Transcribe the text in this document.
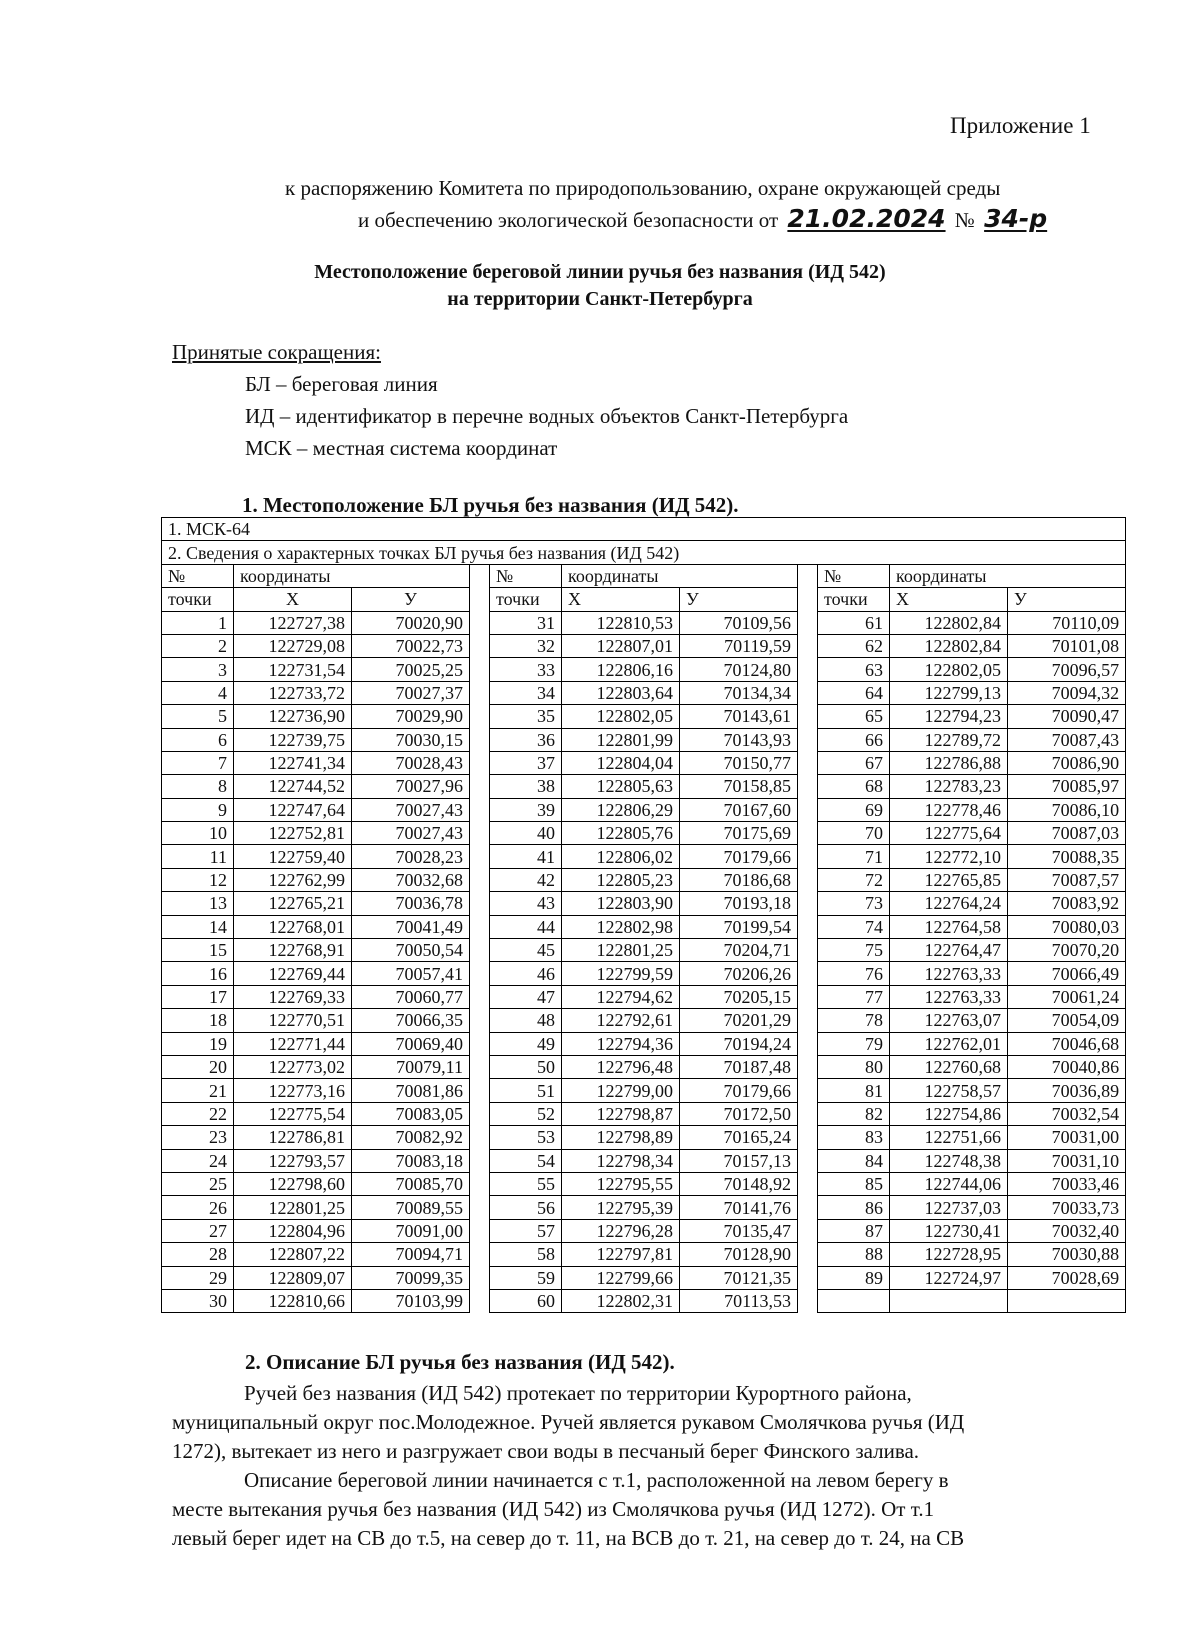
Приложение 1
к распоряжению Комитета по природопользованию, охране окружающей среды
и обеспечению экологической безопасности от 21.02.2024 № 34-р
Местоположение береговой линии ручья без названия (ИД 542)
на территории Санкт-Петербурга
Принятые сокращения:
БЛ – береговая линия
ИД – идентификатор в перечне водных объектов Санкт-Петербурга
МСК – местная система координат
1. Местоположение БЛ ручья без названия (ИД 542).
1. МСК-64										
2. Сведения о характерных точках БЛ ручья без названия (ИД 542)										
№	координаты			№	координаты			№	координаты	
точки	Х	У		точки	Х	У		точки	Х	У
1	122727,38	70020,90		31	122810,53	70109,56		61	122802,84	70110,09
2	122729,08	70022,73		32	122807,01	70119,59		62	122802,84	70101,08
3	122731,54	70025,25		33	122806,16	70124,80		63	122802,05	70096,57
4	122733,72	70027,37		34	122803,64	70134,34		64	122799,13	70094,32
5	122736,90	70029,90		35	122802,05	70143,61		65	122794,23	70090,47
6	122739,75	70030,15		36	122801,99	70143,93		66	122789,72	70087,43
7	122741,34	70028,43		37	122804,04	70150,77		67	122786,88	70086,90
8	122744,52	70027,96		38	122805,63	70158,85		68	122783,23	70085,97
9	122747,64	70027,43		39	122806,29	70167,60		69	122778,46	70086,10
10	122752,81	70027,43		40	122805,76	70175,69		70	122775,64	70087,03
11	122759,40	70028,23		41	122806,02	70179,66		71	122772,10	70088,35
12	122762,99	70032,68		42	122805,23	70186,68		72	122765,85	70087,57
13	122765,21	70036,78		43	122803,90	70193,18		73	122764,24	70083,92
14	122768,01	70041,49		44	122802,98	70199,54		74	122764,58	70080,03
15	122768,91	70050,54		45	122801,25	70204,71		75	122764,47	70070,20
16	122769,44	70057,41		46	122799,59	70206,26		76	122763,33	70066,49
17	122769,33	70060,77		47	122794,62	70205,15		77	122763,33	70061,24
18	122770,51	70066,35		48	122792,61	70201,29		78	122763,07	70054,09
19	122771,44	70069,40		49	122794,36	70194,24		79	122762,01	70046,68
20	122773,02	70079,11		50	122796,48	70187,48		80	122760,68	70040,86
21	122773,16	70081,86		51	122799,00	70179,66		81	122758,57	70036,89
22	122775,54	70083,05		52	122798,87	70172,50		82	122754,86	70032,54
23	122786,81	70082,92		53	122798,89	70165,24		83	122751,66	70031,00
24	122793,57	70083,18		54	122798,34	70157,13		84	122748,38	70031,10
25	122798,60	70085,70		55	122795,55	70148,92		85	122744,06	70033,46
26	122801,25	70089,55		56	122795,39	70141,76		86	122737,03	70033,73
27	122804,96	70091,00		57	122796,28	70135,47		87	122730,41	70032,40
28	122807,22	70094,71		58	122797,81	70128,90		88	122728,95	70030,88
29	122809,07	70099,35		59	122799,66	70121,35		89	122724,97	70028,69
30	122810,66	70103,99		60	122802,31	70113,53				
2. Описание БЛ ручья без названия (ИД 542).
Ручей без названия (ИД 542) протекает по территории Курортного района,
муниципальный округ пос.Молодежное. Ручей является рукавом Смолячкова ручья (ИД
1272), вытекает из него и разгружает свои воды в песчаный берег Финского залива.
Описание береговой линии начинается с т.1, расположенной на левом берегу в
месте вытекания ручья без названия (ИД 542) из Смолячкова ручья (ИД 1272). От т.1
левый берег идет на СВ до т.5, на север до т. 11, на ВСВ до т. 21, на север до т. 24, на СВ
